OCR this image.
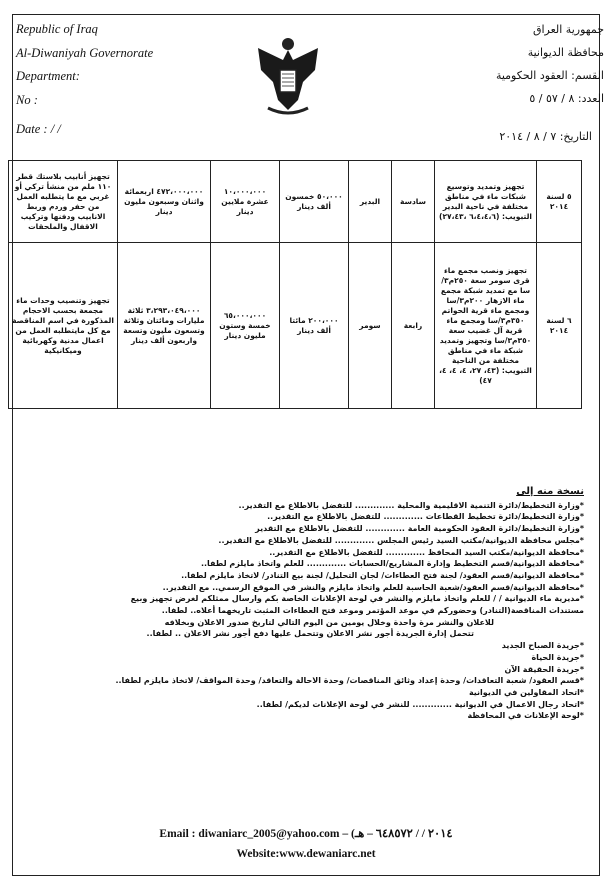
Republic of Iraq
Al-Diwaniyah Governorate
Department:
No :
Date : / /
جمهورية العراق
محافظة الديوانية
القسم: العقود الحكومية
العدد: ٨ / ٥٧ / ٥
التاريخ: ٧ / ٨ / ٢٠١٤
٥ لسنة ٢٠١٤	تجهيز وتمديد وتوسيع شبكات ماء في مناطق مختلفة في ناحية البدير التبويب: (٦،٤،٤،٦ ،٢٧،٤٣)	سادسة	البدير	٥٠،٠٠٠ خمسون ألف دينار	١٠،٠٠٠،٠٠٠ عشرة ملايين دينار	٤٧٢،٠٠٠،٠٠٠ اربعمائة واثنان وسبعون مليون دينار	تجهيز أنابيب بلاستك قطر ١١٠ ملم من منشأ تركي أو غربي مع ما يتطلبه العمل من حفر وردم وربط الانابيب ودفنها وتركيب الاقفال والملحقات
٦ لسنة ٢٠١٤	تجهيز ونصب مجمع ماء قرى سومر سعة ٢٥٠م٣/سا مع تمديد شبكة مجمع ماء الازهار ٢٠٠م٣/سا ومجمع ماء قرية الحواتم ٣٥٠م٣/سا ومجمع ماء قرية آل غضيب سعة ٣٥٠م٣/سا وتجهيز وتمديد شبكة ماء في مناطق مختلفة من الناحية التبويب: (٤٣، ٢٧، ٤، ٤، ٤، ٤٧)	رابعة	سومر	٢٠٠،٠٠٠ مائتا ألف دينار	٦٥،٠٠٠،٠٠٠ خمسة وستون مليون دينار	٣،٢٩٣،٠٤٩،٠٠٠ ثلاثة مليارات ومائتان وثلاثة وتسعون مليون وتسعة واربعون ألف دينار	تجهيز وتنصيب وحدات ماء مجمعة بحسب الاحجام المذكورة في اسم المناقصة مع كل مايتطلبه العمل من اعمال مدنية وكهربائية وميكانيكية
نسخة منه إلى
*وزارة التخطيط/دائرة التنمية الاقليمية والمحلية ............. للتفضل بالاطلاع مع التقدير..
*وزارة التخطيط/دائرة تخطيط القطاعات ............. للتفضل بالاطلاع مع التقدير..
*وزارة التخطيط/دائرة العقود الحكومية العامة ............. للتفضل بالاطلاع مع التقدير
*مجلس محافظة الديوانية/مكتب السيد رئيس المجلس ............. للتفضل بالاطلاع مع التقدير..
*محافظة الديوانية/مكتب السيد المحافظ ............. للتفضل بالاطلاع مع التقدير..
*محافظة الديوانية/قسم التخطيط وإدارة المشاريع/الحسابات ............. للعلم واتخاذ مايلزم لطفا..
*محافظة الديوانية/قسم العقود/ لجنة فتح العطاءات/ لجان التحليل/ لجنة بيع التنادر/ لاتخاذ مايلزم لطفا..
*محافظة الديوانية/قسم العقود/شعبة الحاسبة للعلم واتخاذ مايلزم والنشر في الموقع الرسمي.. مع التقدير..
*مديرية ماء الديوانية / / للعلم واتخاذ مايلزم والنشر في لوحة الإعلانات الخاصة بكم وارسال ممثلكم لغرض تجهيز وبيع
مستندات المناقصة(التنادر) وحضوركم في موعد المؤتمر وموعد فتح العطاءات المثبت تاريخهما أعلاه.. لطفا..
للاعلان والنشر مرة واحدة وخلال يومين من اليوم التالي لتاريخ صدور الاعلان وبخلافه
تتحمل إدارة الجريدة أجور نشر الاعلان وتتحمل عليها دفع أجور نشر الاعلان .. لطفا..
*جريدة الصباح الجديد
*جريدة الحياة
*جريدة الحقيقة الآن
*قسم العقود/ شعبة التعاقدات/ وحدة إعداد وثائق المناقصات/ وحدة الاحالة والتعاقد/ وحدة المواقف/ لاتخاذ مايلزم لطفا..
*اتحاد المقاولين في الديوانية
*اتحاد رجال الاعمال في الديوانية ............. للنشر في لوحة الإعلانات لديكم/ لطفا..
*لوحة الإعلانات في المحافظة
Email : diwaniarc_2005@yahoo.com – (٢٠١٤ / / ٦٤٨٥٧٢ – هـ
Website:www.dewaniarc.net
